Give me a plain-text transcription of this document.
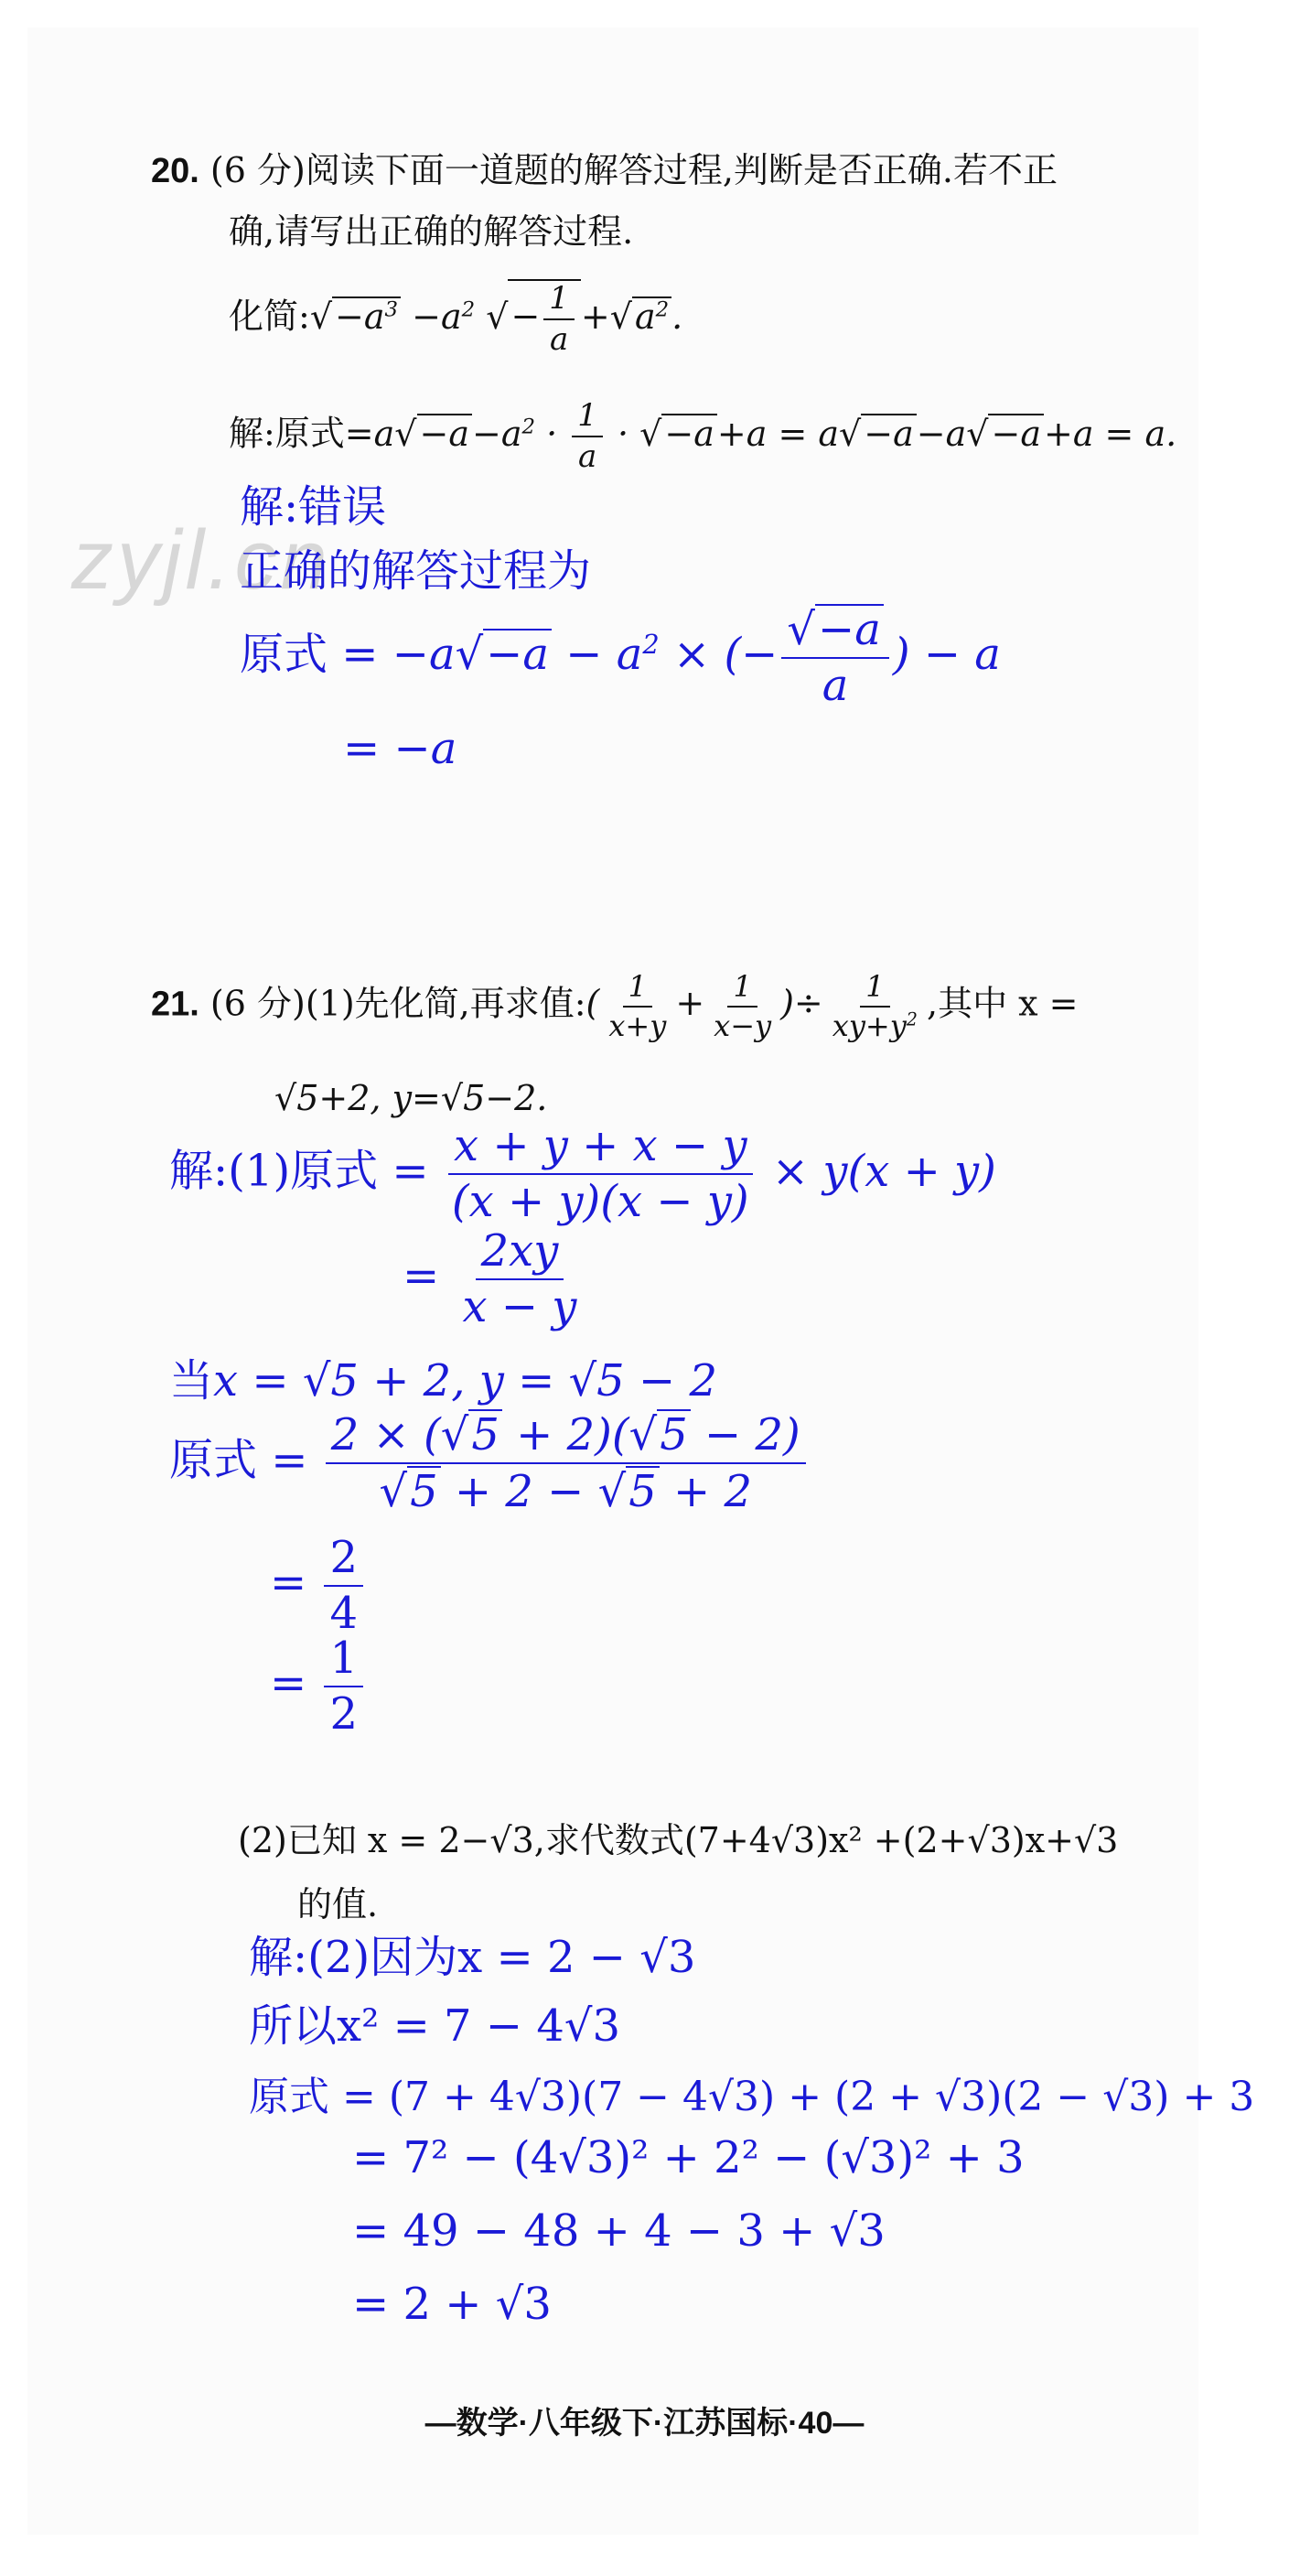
zyjl.cn
20. (6 分)阅读下面一道题的解答过程,判断是否正确.若不正
确,请写出正确的解答过程.
化简$:√-a^3 -a^2$ √− $\frac{1}{a} +√a^2$.
解:原式$=a√-a-a^2 \cdot \frac{1}{a} \cdot √-a+a = a√-a-a√-a+a = a$.
解:错误
正确的解答过程为
原式 = $-a√-a - a^2$ × (− $\frac{√-a}{a}$ ) − a
= −a
21. (6 分)(1)先化简,再求值:( $\frac{1}{x+y} + \frac{1}{x-y}$ )÷ $\frac{1}{xy+y^2}$ ,其中 x =
√5+2, y=√5−2.
解:(1)原式 = $\frac{x + y + x - y}{(x + y)(x - y)} \times y(x + y)$
= $\frac{2xy}{x - y}$
当x = √5 + 2, y = √5 − 2
原式 = $\frac{2 \times (√5 + 2)(√5 - 2)}{√5 + 2 - √5 + 2}$
= $\frac{2}{4}$
= $\frac{1}{2}$
(2)已知 x = 2−√3,求代数式(7+4√3)x² +(2+√3)x+√3
的值.
解:(2)因为x = 2 − √3
所以x² = 7 − 4√3
原式 = (7 + 4√3)(7 − 4√3) + (2 + √3)(2 − √3) + 3
= 7² − (4√3)² + 2² − (√3)² + 3
= 49 − 48 + 4 − 3 + √3
= 2 + √3
—数学·八年级下·江苏国标·40—
